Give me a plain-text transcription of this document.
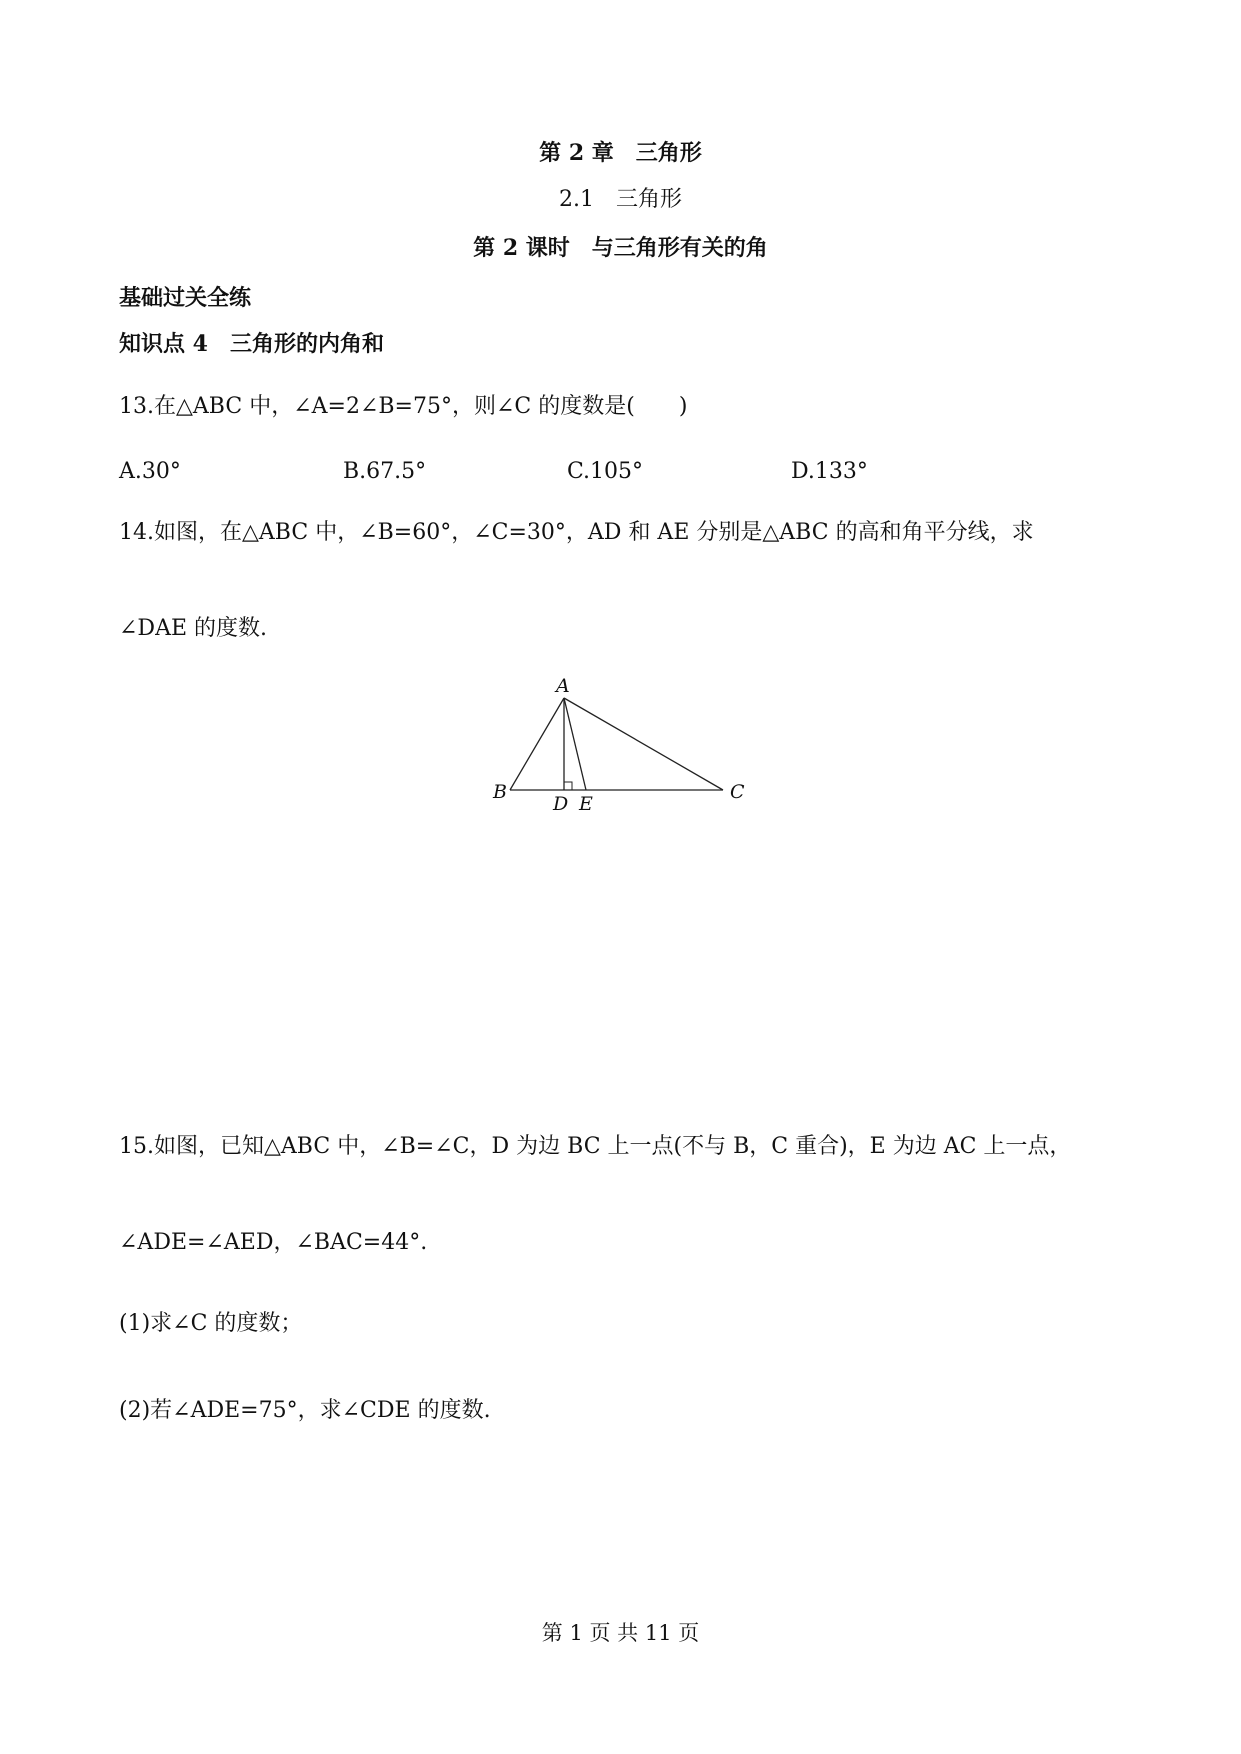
第 2 章　三角形
2.1　三角形
第 2 课时　与三角形有关的角
基础过关全练
知识点 4　三角形的内角和
13.在△ABC 中，∠A=2∠B=75°，则∠C 的度数是(　　)
A.30°	B.67.5°	C.105°	D.133°
14.如图，在△ABC 中，∠B=60°，∠C=30°，AD 和 AE 分别是△ABC 的高和角平分线，求
∠DAE 的度数.
A
B	C
D E
15.如图，已知△ABC 中，∠B=∠C，D 为边 BC 上一点(不与 B，C 重合)，E 为边 AC 上一点，
∠ADE=∠AED，∠BAC=44°.
(1)求∠C 的度数；
(2)若∠ADE=75°，求∠CDE 的度数.
第 1 页 共 11 页
